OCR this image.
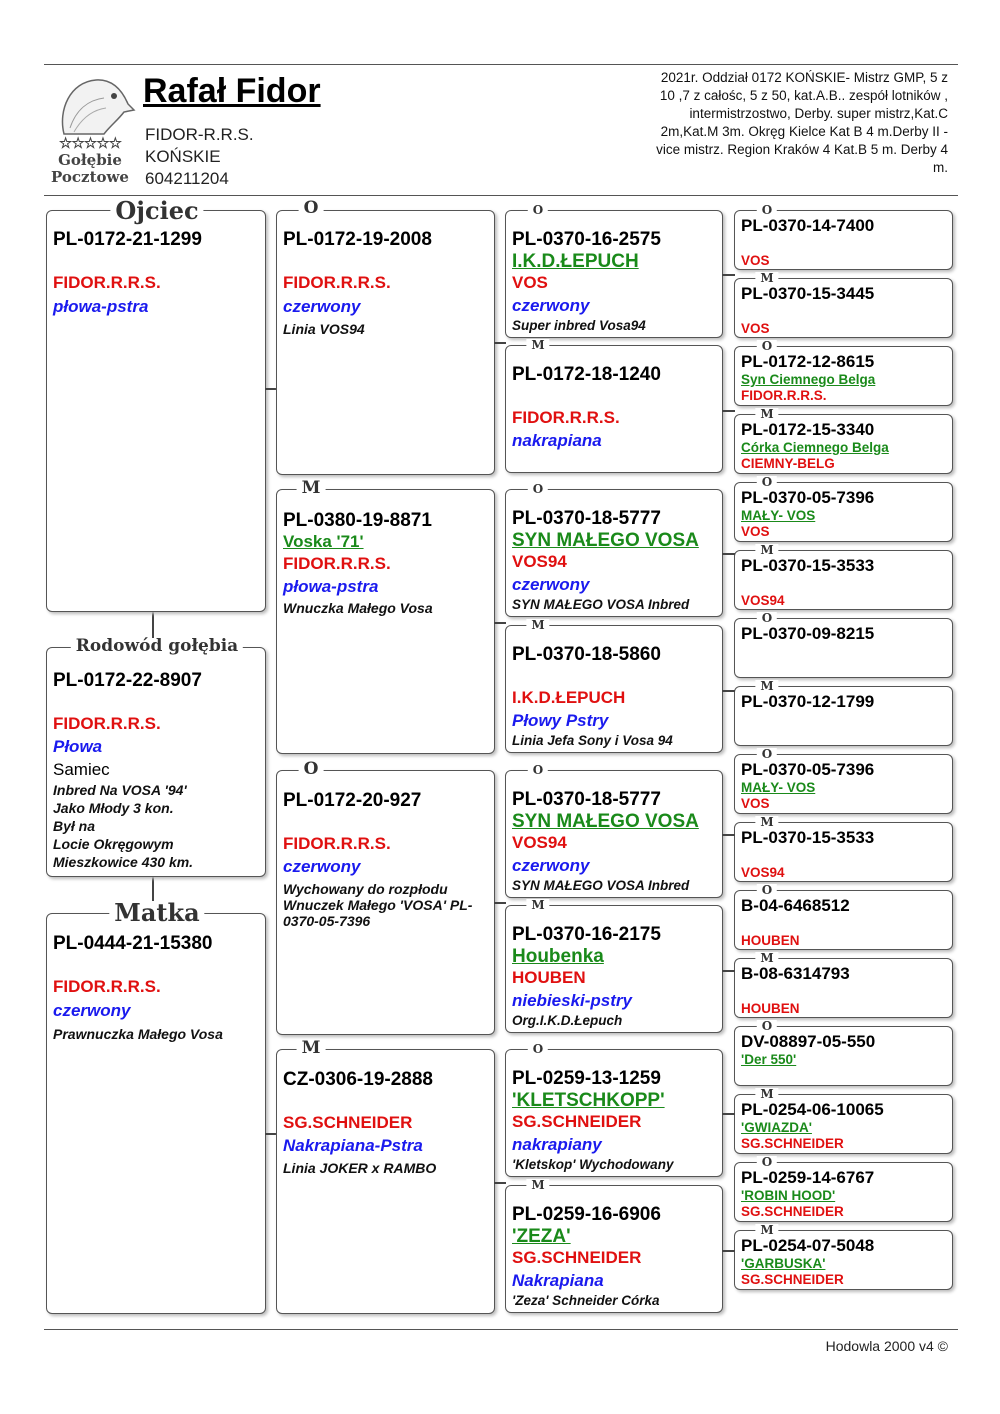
☆☆☆☆☆
Gołębie
Pocztowe
Rafał Fidor
FIDOR-R.R.S.
KOŃSKIE
604211204
2021r. Oddział 0172 KOŃSKIE- Mistrz GMP, 5 z
10 ,7 z całośc, 5 z 50, kat.A.B.. zespół lotników ,
intermistrzostwo, Derby. super mistrz,Kat.C
2m,Kat.M 3m. Okręg Kielce Kat B 4 m.Derby II -
vice mistrz. Region Kraków 4 Kat.B 5 m. Derby 4
m.
PL-0172-21-1299
FIDOR.R.R.S.
płowa-pstra
Ojciec
PL-0172-22-8907
FIDOR.R.R.S.
Płowa
Samiec
Inbred Na VOSA '94'
Jako Młody 3 kon.
Był na
Locie Okręgowym
Mieszkowice 430 km.
Rodowód gołębia
PL-0444-21-15380
FIDOR.R.R.S.
czerwony
Prawnuczka Małego Vosa
Matka
PL-0172-19-2008
FIDOR.R.R.S.
czerwony
Linia VOS94
O
PL-0380-19-8871
Voska '71'
FIDOR.R.R.S.
płowa-pstra
Wnuczka Małego Vosa
M
PL-0172-20-927
FIDOR.R.R.S.
czerwony
Wychowany do rozpłodu
Wnuczek Małego 'VOSA' PL-
0370-05-7396
O
CZ-0306-19-2888
SG.SCHNEIDER
Nakrapiana-Pstra
Linia JOKER x RAMBO
M
PL-0370-16-2575
I.K.D.ŁEPUCH
VOS
czerwony
Super inbred Vosa94
O
PL-0172-18-1240
FIDOR.R.R.S.
nakrapiana
M
PL-0370-18-5777
SYN MAŁEGO VOSA
VOS94
czerwony
SYN MAŁEGO VOSA Inbred
O
PL-0370-18-5860
I.K.D.ŁEPUCH
Płowy Pstry
Linia Jefa Sony i Vosa 94
M
PL-0370-18-5777
SYN MAŁEGO VOSA
VOS94
czerwony
SYN MAŁEGO VOSA Inbred
O
PL-0370-16-2175
Houbenka
HOUBEN
niebieski-pstry
Org.I.K.D.Łepuch
M
PL-0259-13-1259
'KLETSCHKOPP'
SG.SCHNEIDER
nakrapiany
'Kletskop' Wychodowany
O
PL-0259-16-6906
'ZEZA'
SG.SCHNEIDER
Nakrapiana
'Zeza' Schneider Córka
M
PL-0370-14-7400
VOS
O
PL-0370-15-3445
VOS
M
PL-0172-12-8615
Syn Ciemnego Belga
FIDOR.R.R.S.
O
PL-0172-15-3340
Córka Ciemnego Belga
CIEMNY-BELG
M
PL-0370-05-7396
MAŁY- VOS
VOS
O
PL-0370-15-3533
VOS94
M
PL-0370-09-8215
O
PL-0370-12-1799
M
PL-0370-05-7396
MAŁY- VOS
VOS
O
PL-0370-15-3533
VOS94
M
B-04-6468512
HOUBEN
O
B-08-6314793
HOUBEN
M
DV-08897-05-550
'Der 550'
O
PL-0254-06-10065
'GWIAZDA'
SG.SCHNEIDER
M
PL-0259-14-6767
'ROBIN HOOD'
SG.SCHNEIDER
O
PL-0254-07-5048
'GARBUSKA'
SG.SCHNEIDER
M
Hodowla 2000 v4 ©
